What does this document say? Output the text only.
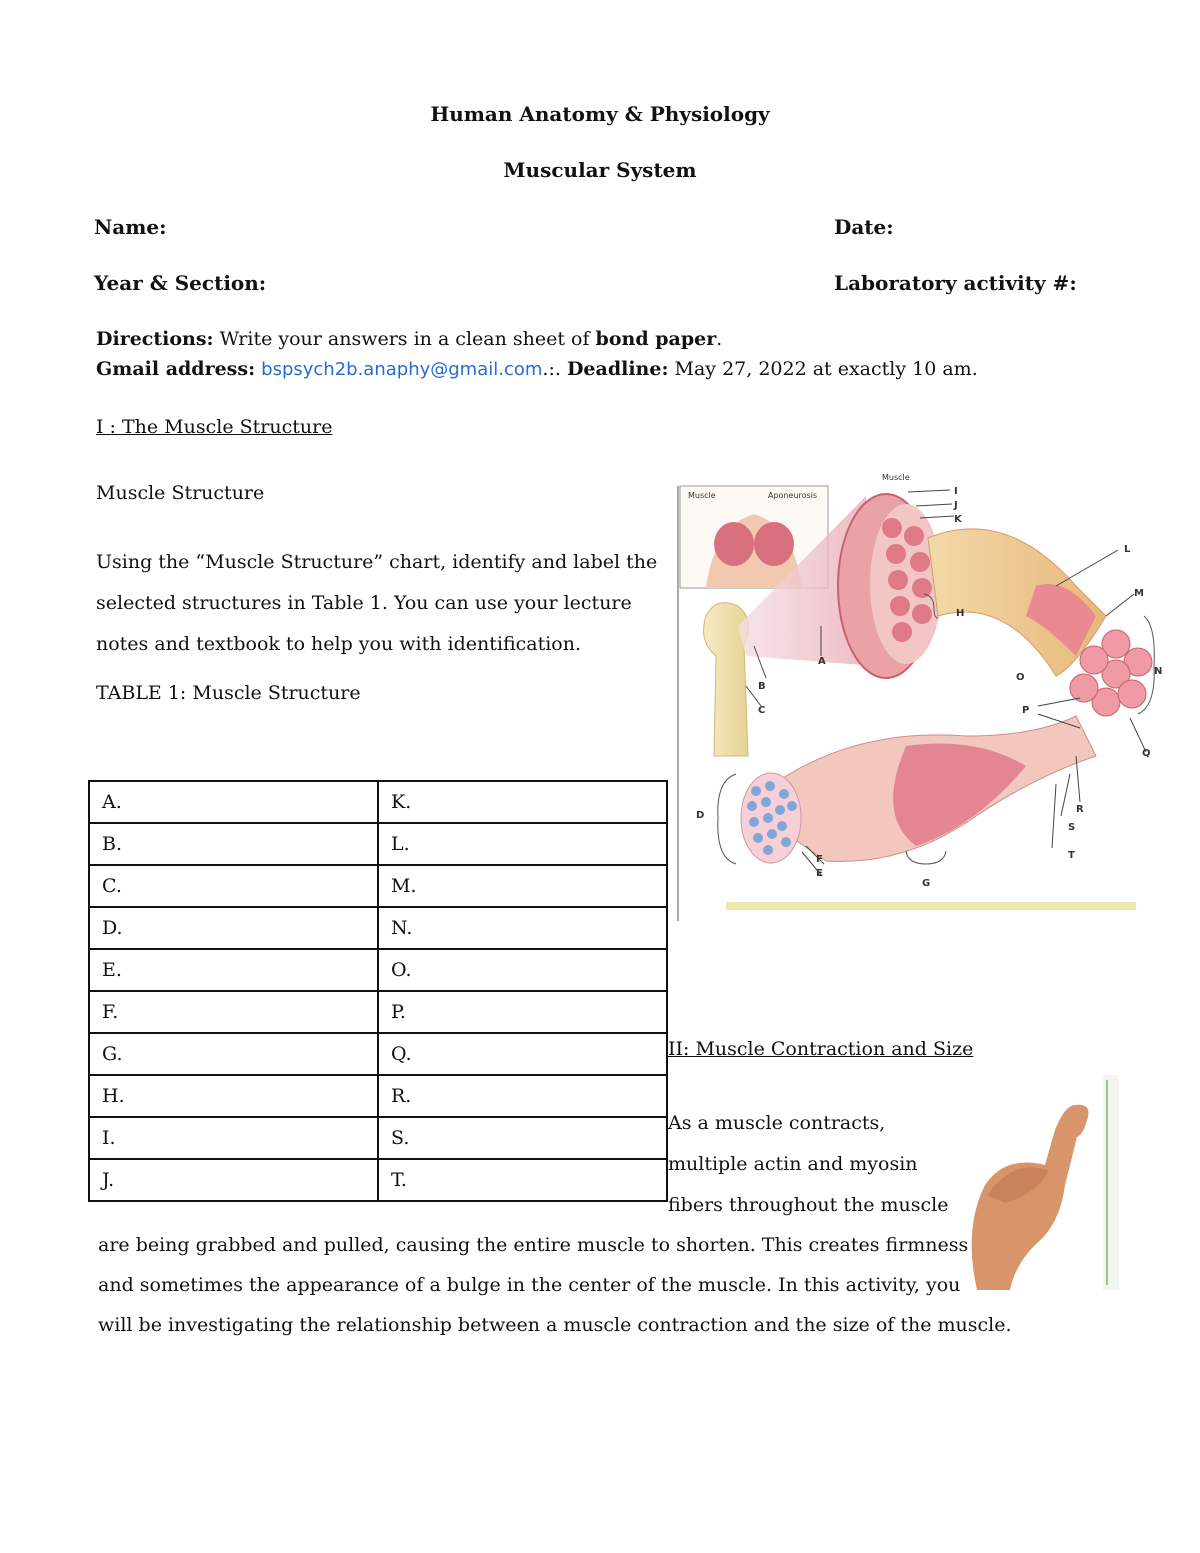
Human Anatomy & Physiology
Muscular System
Name:	Date:
Year & Section:	Laboratory activity #:
Directions: Write your answers in a clean sheet of bond paper.
Gmail address: bspsych2b.anaphy@gmail.com.:. Deadline: May 27, 2022 at exactly 10 am.
I : The Muscle Structure
Muscle Structure
Using the “Muscle Structure” chart, identify and label the
selected structures in Table 1. You can use your lecture
notes and textbook to help you with identification.
TABLE 1: Muscle Structure
A.	K.
B.	L.
C.	M.
D.	N.
E.	O.
F.	P.
G.	Q.
H.	R.
I.	S.
J.	T.
Muscle	Aponeurosis
Muscle
A
B
C
D
E
F
G
H
I
J
K
L
M
N
O
P
Q
R
S
T
II: Muscle Contraction and Size
As a muscle contracts,
multiple actin and myosin
fibers throughout the muscle
are being grabbed and pulled, causing the entire muscle to shorten. This creates firmness
and sometimes the appearance of a bulge in the center of the muscle. In this activity, you
will be investigating the relationship between a muscle contraction and the size of the muscle.
